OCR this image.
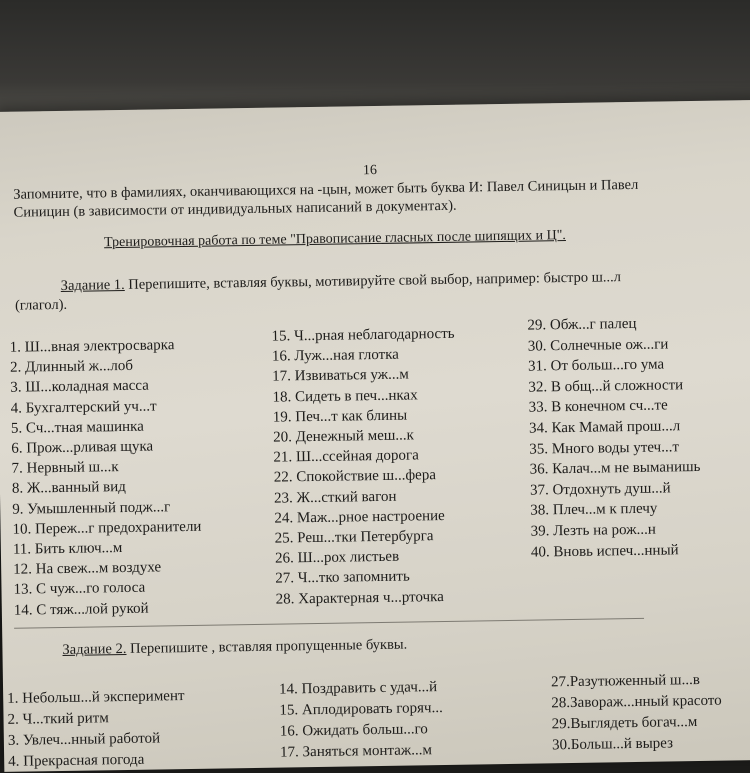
16
Запомните, что в фамилиях, оканчивающихся на -цын, может быть буква И: Павел Синицын и Павел
Синицин (в зависимости от индивидуальных написаний в документах).
Тренировочная работа по теме "Правописание гласных после шипящих и Ц".
Задание 1. Перепишите, вставляя буквы, мотивируйте свой выбор, например: быстро ш...л
(глагол).
1. Ш...вная электросварка
2. Длинный ж...лоб
3. Ш...коладная масса
4. Бухгалтерский уч...т
5. Сч...тная машинка
6. Прож...рливая щука
7. Нервный ш...к
8. Ж...ванный вид
9. Умышленный подж...г
10. Переж...г предохранители
11. Бить ключ...м
12. На свеж...м воздухе
13. С чуж...го голоса
14. С тяж...лой рукой
15. Ч...рная неблагодарность
16. Луж...ная глотка
17. Извиваться уж...м
18. Сидеть в печ...нках
19. Печ...т как блины
20. Денежный меш...к
21. Ш...ссейная дорога
22. Спокойствие ш...фера
23. Ж...сткий вагон
24. Маж...рное настроение
25. Реш...тки Петербурга
26. Ш...рох листьев
27. Ч...тко запомнить
28. Характерная ч...рточка
29. Обж...г палец
30. Солнечные ож...ги
31. От больш...го ума
32. В общ...й сложности
33. В конечном сч...те
34. Как Мамай прош...л
35. Много воды утеч...т
36. Калач...м не выманишь
37. Отдохнуть душ...й
38. Плеч...м к плечу
39. Лезть на рож...н
40. Вновь испеч...нный
Задание 2. Перепишите , вставляя пропущенные буквы.
1. Небольш...й эксперимент
2. Ч...ткий ритм
3. Увлеч...нный работой
4. Прекрасная погода
14. Поздравить с удач...й
15. Аплодировать горяч...
16. Ожидать больш...го
17. Заняться монтаж...м
27.Разутюженный ш...в
28.Завораж...нный красото
29.Выглядеть богач...м
30.Больш...й вырез
